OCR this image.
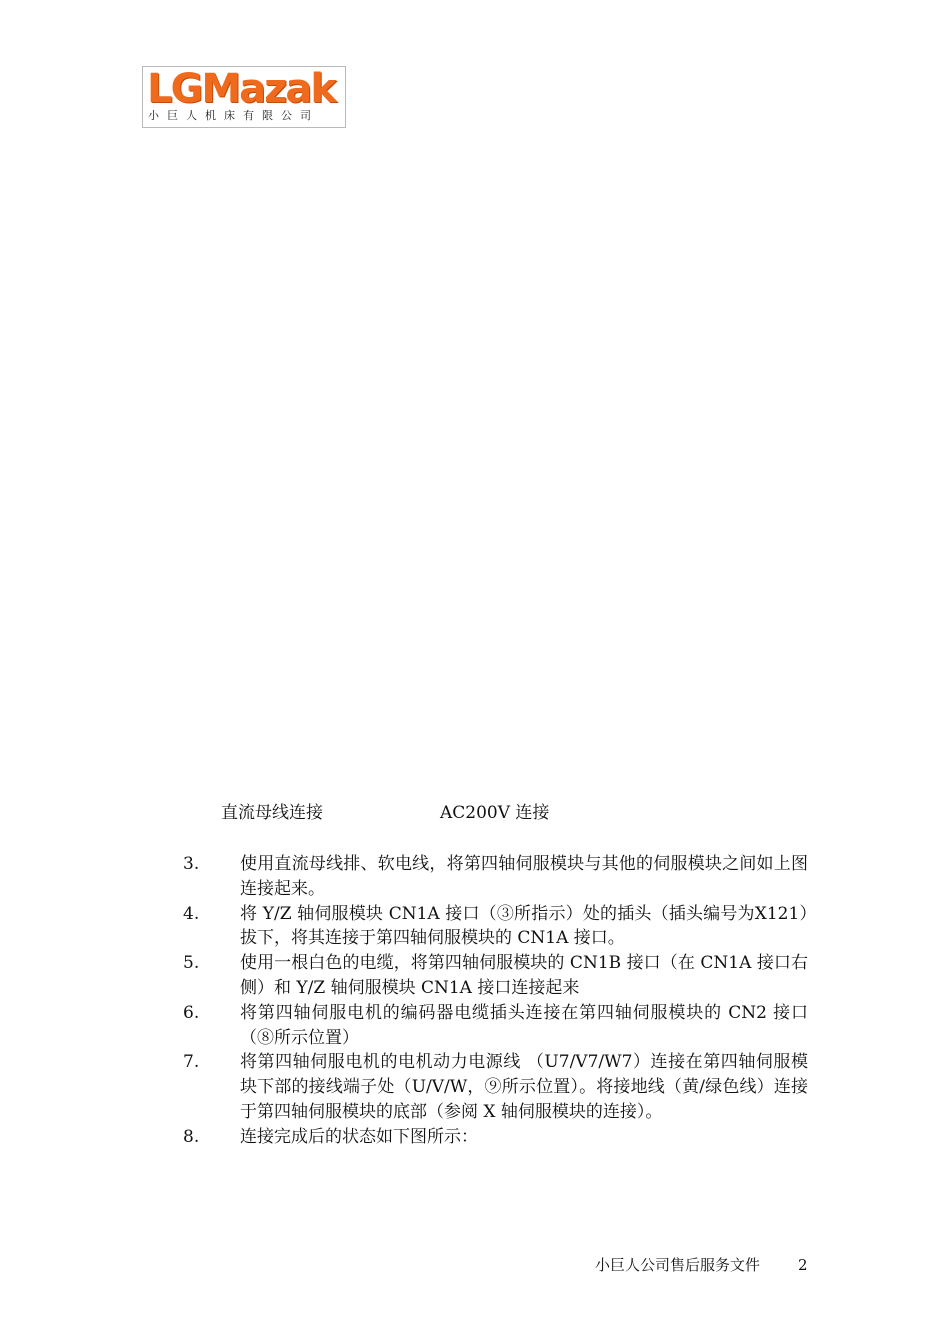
LGMazak
小巨人机床有限公司
直流母线连接	AC200V 连接
3.	使用直流母线排、软电线，将第四轴伺服模块与其他的伺服模块之间如上图连接起来。
4.	将 Y/Z 轴伺服模块 CN1A 接口（③所指示）处的插头（插头编号为X121）拔下，将其连接于第四轴伺服模块的 CN1A 接口。
5.	使用一根白色的电缆，将第四轴伺服模块的 CN1B 接口（在 CN1A 接口右侧）和 Y/Z 轴伺服模块 CN1A 接口连接起来
6.	将第四轴伺服电机的编码器电缆插头连接在第四轴伺服模块的 CN2 接口（⑧所示位置）
7.	将第四轴伺服电机的电机动力电源线 （U7/V7/W7）连接在第四轴伺服模块下部的接线端子处（U/V/W，⑨所示位置）。将接地线（黄/绿色线）连接于第四轴伺服模块的底部（参阅 X 轴伺服模块的连接）。
8.	连接完成后的状态如下图所示：
小巨人公司售后服务文件	2
